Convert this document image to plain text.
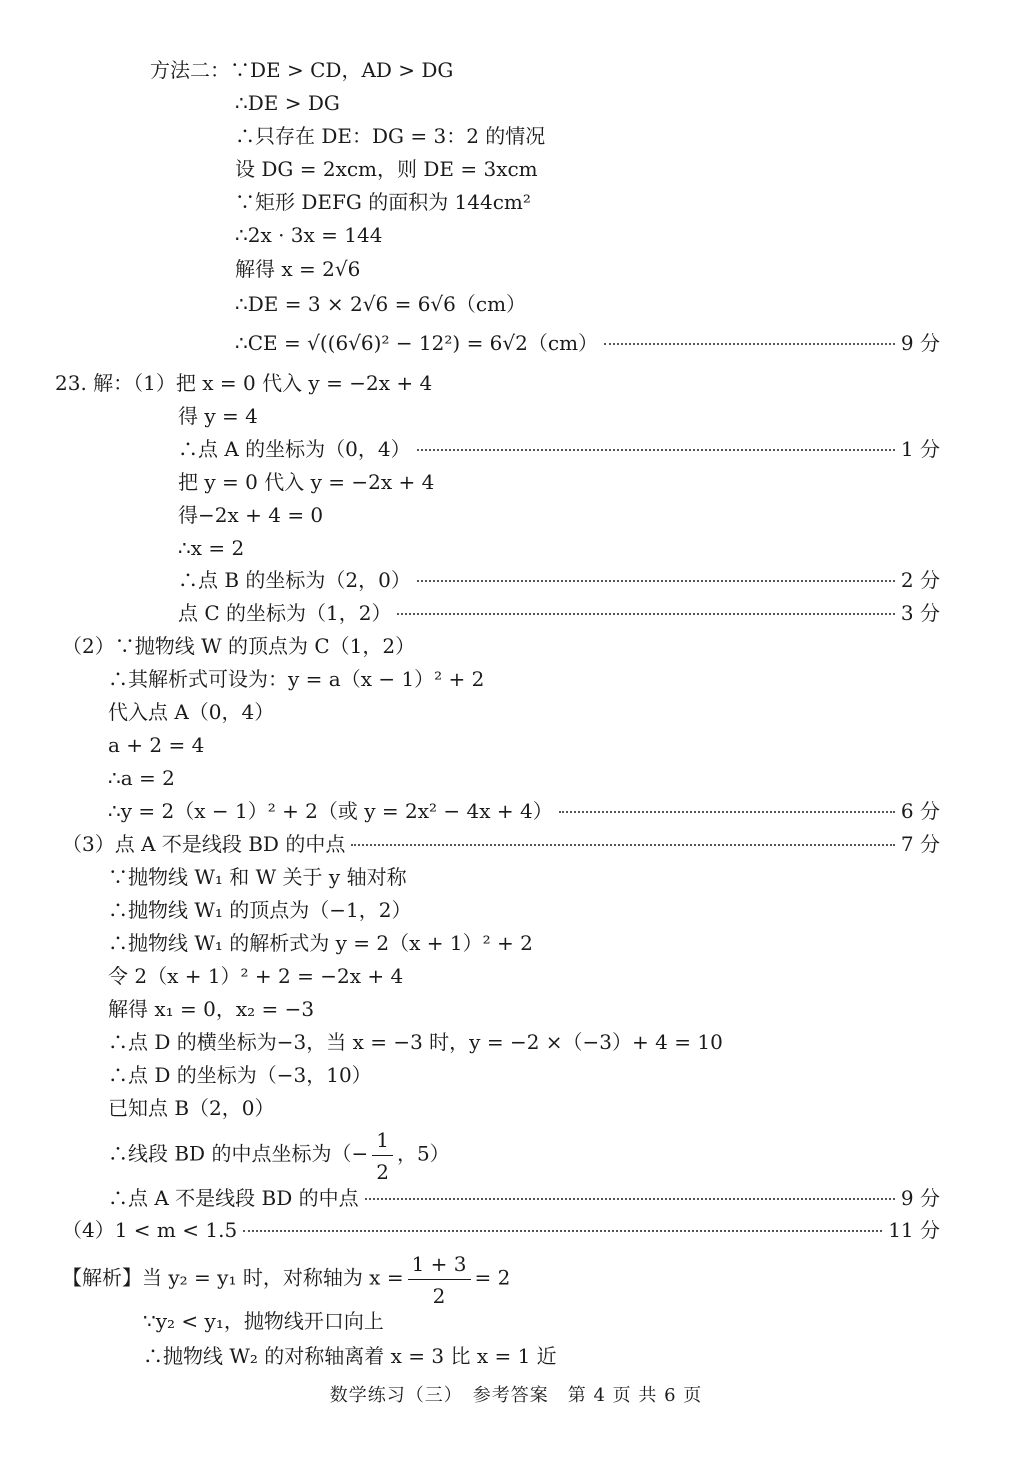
方法二：∵DE > CD，AD > DG
∴DE > DG
∴只存在 DE：DG = 3：2 的情况
设 DG = 2xcm，则 DE = 3xcm
∵矩形 DEFG 的面积为 144cm²
∴2x · 3x = 144
解得 x = 2√6
∴DE = 3 × 2√6 = 6√6（cm）
∴CE = √((6√6)² − 12²) = 6√2（cm）	9 分
23. 解：（1）把 x = 0 代入 y = −2x + 4
得 y = 4
∴点 A 的坐标为（0，4）	1 分
把 y = 0 代入 y = −2x + 4
得−2x + 4 = 0
∴x = 2
∴点 B 的坐标为（2，0）	2 分
点 C 的坐标为（1，2）	3 分
（2）∵抛物线 W 的顶点为 C（1，2）
∴其解析式可设为：y = a（x − 1）² + 2
代入点 A（0，4）
a + 2 = 4
∴a = 2
∴y = 2（x − 1）² + 2（或 y = 2x² − 4x + 4）	6 分
（3）点 A 不是线段 BD 的中点	7 分
∵抛物线 W₁ 和 W 关于 y 轴对称
∴抛物线 W₁ 的顶点为（−1，2）
∴抛物线 W₁ 的解析式为 y = 2（x + 1）² + 2
令 2（x + 1）² + 2 = −2x + 4
解得 x₁ = 0，x₂ = −3
∴点 D 的横坐标为−3，当 x = −3 时，y = −2 ×（−3）+ 4 = 10
∴点 D 的坐标为（−3，10）
已知点 B（2，0）
∴点 A 不是线段 BD 的中点	9 分
（4）1 < m < 1.5	11 分
∵y₂ < y₁，抛物线开口向上
∴抛物线 W₂ 的对称轴离着 x = 3 比 x = 1 近
∴线段 BD 的中点坐标为（− $\frac{1}{2}$ ，5）
【解析】当 y₂ = y₁ 时，对称轴为 $x = \frac{1 + 3}{2} = 2$
数学练习（三）　参考答案　第 4 页 共 6 页
